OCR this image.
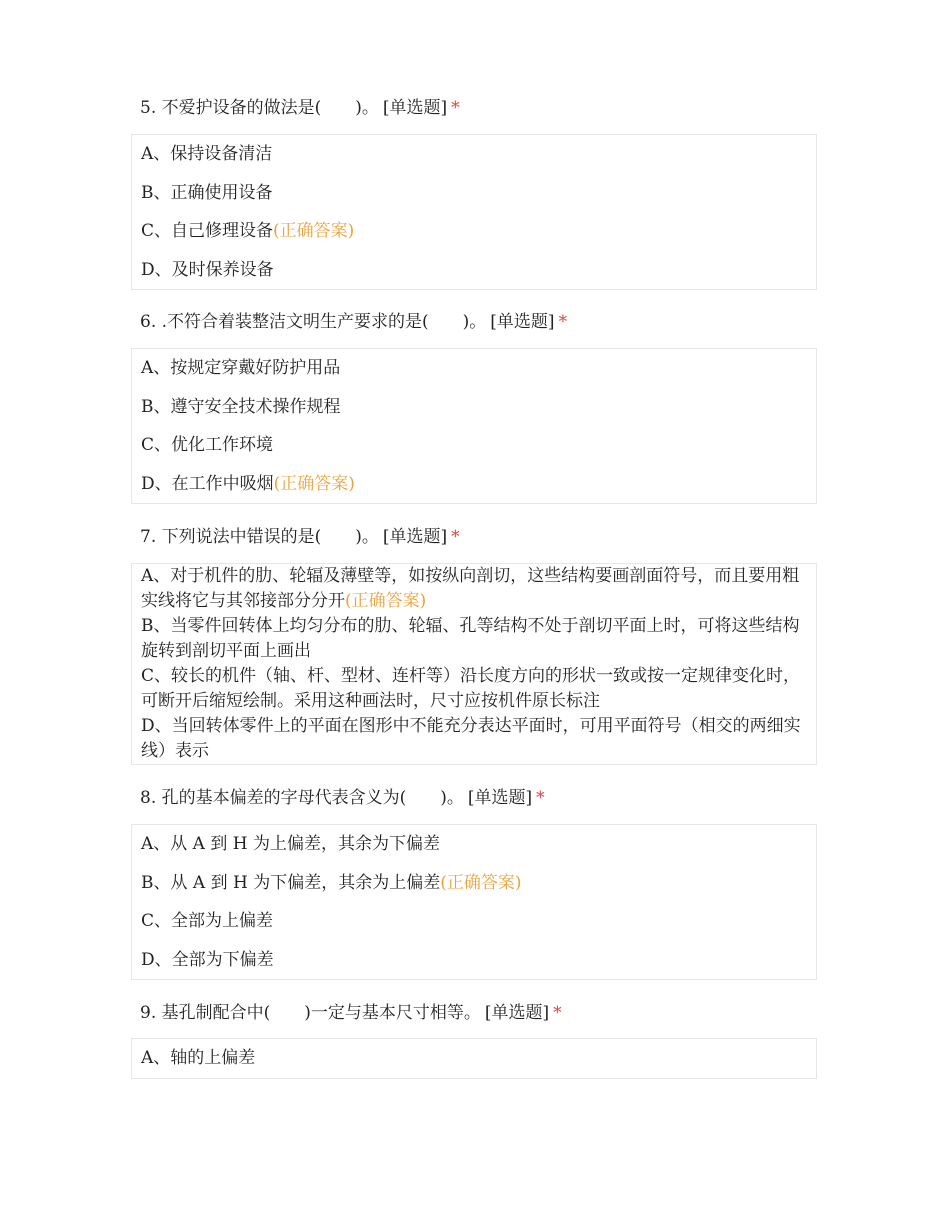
5. 不爱护设备的做法是(　　)。 [单选题] *
A、保持设备清洁
B、正确使用设备
C、自己修理设备(正确答案)
D、及时保养设备
6. .不符合着装整洁文明生产要求的是(　　)。 [单选题] *
A、按规定穿戴好防护用品
B、遵守安全技术操作规程
C、优化工作环境
D、在工作中吸烟(正确答案)
7. 下列说法中错误的是(　　)。 [单选题] *
A、对于机件的肋、轮辐及薄壁等，如按纵向剖切，这些结构要画剖面符号，而且要用粗实线将它与其邻接部分分开(正确答案)
B、当零件回转体上均匀分布的肋、轮辐、孔等结构不处于剖切平面上时，可将这些结构旋转到剖切平面上画出
C、较长的机件（轴、杆、型材、连杆等）沿长度方向的形状一致或按一定规律变化时，可断开后缩短绘制。采用这种画法时，尺寸应按机件原长标注
D、当回转体零件上的平面在图形中不能充分表达平面时，可用平面符号（相交的两细实线）表示
8. 孔的基本偏差的字母代表含义为(　　)。 [单选题] *
A、从 A 到 H 为上偏差，其余为下偏差
B、从 A 到 H 为下偏差，其余为上偏差(正确答案)
C、全部为上偏差
D、全部为下偏差
9. 基孔制配合中(　　)一定与基本尺寸相等。 [单选题] *
A、轴的上偏差
